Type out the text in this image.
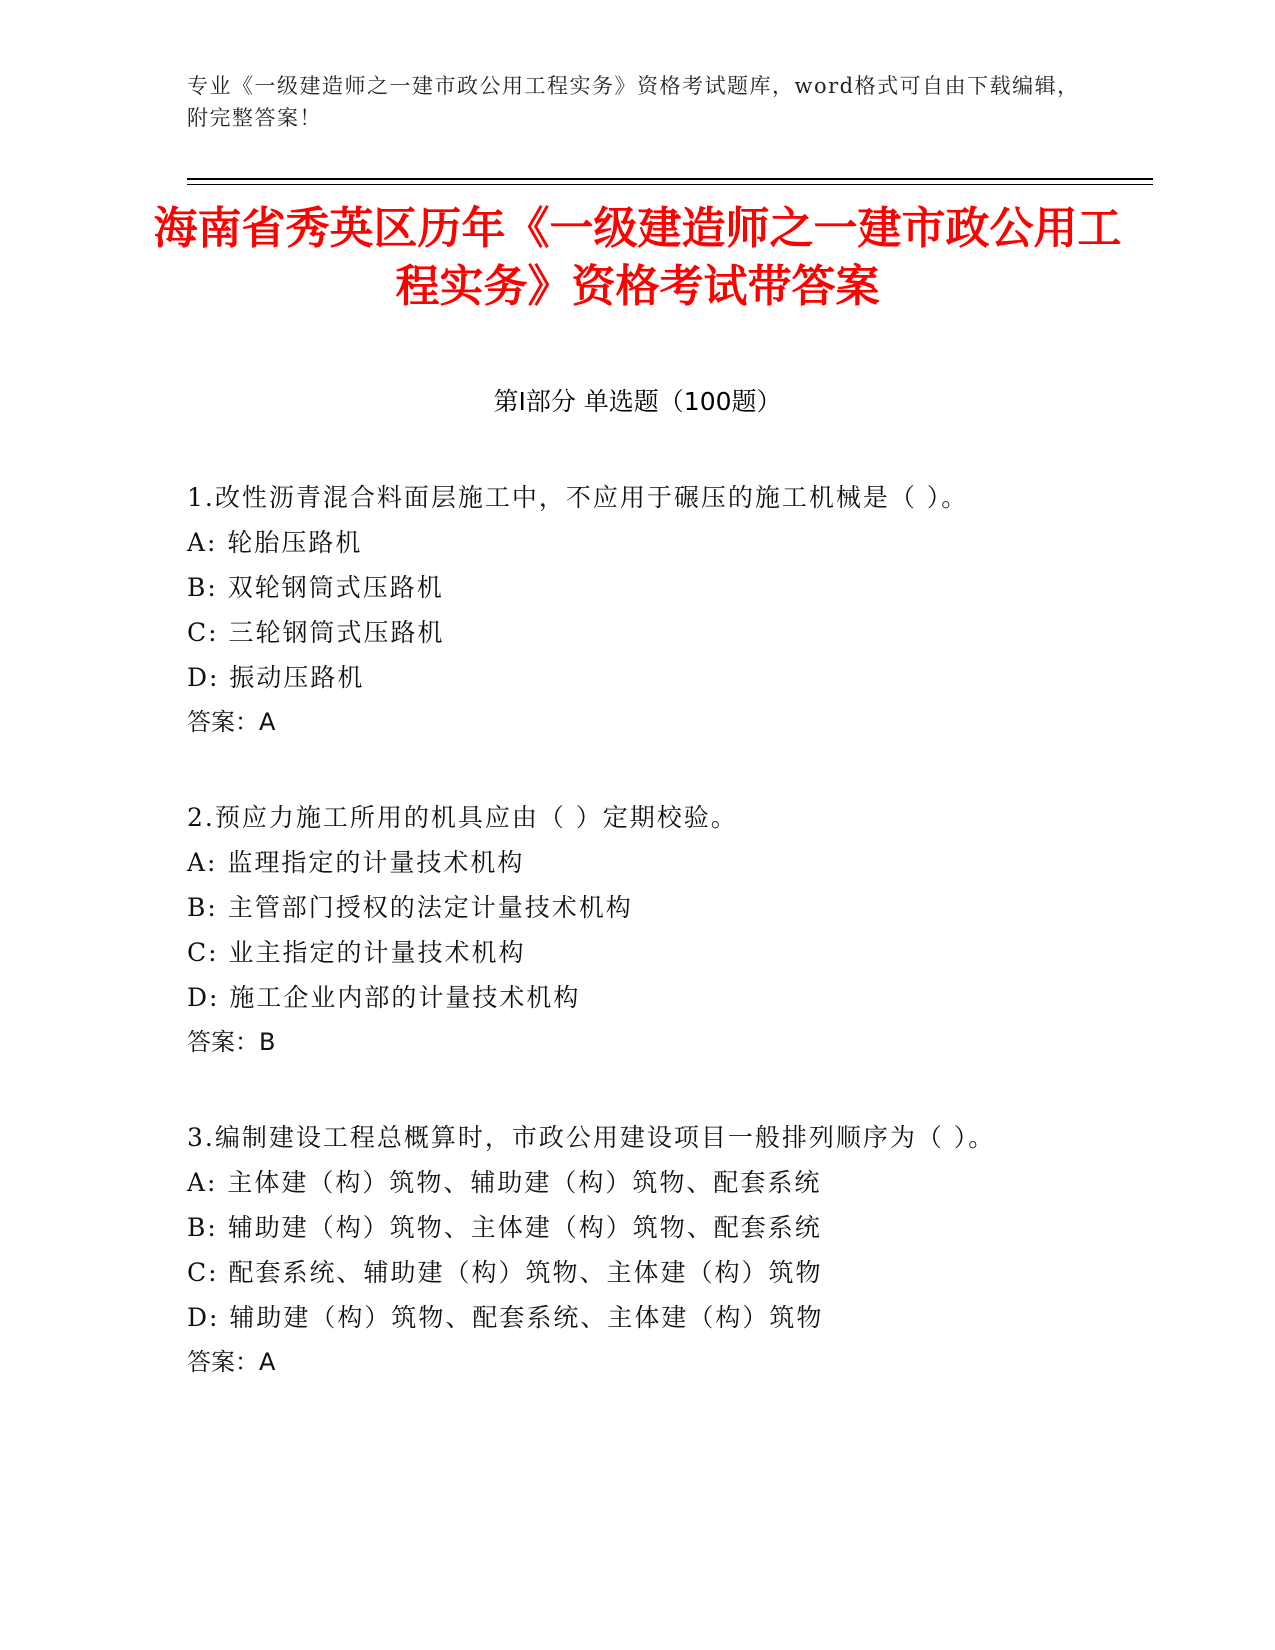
专业《一级建造师之一建市政公用工程实务》资格考试题库，word格式可自由下载编辑，附完整答案！
海南省秀英区历年《一级建造师之一建市政公用工程实务》资格考试带答案
第Ⅰ部分 单选题（100题）

1.改性沥青混合料面层施工中，不应用于碾压的施工机械是（ ）。

A: 轮胎压路机

B: 双轮钢筒式压路机

C: 三轮钢筒式压路机

D: 振动压路机

答案：A

2.预应力施工所用的机具应由（ ）定期校验。

A: 监理指定的计量技术机构

B: 主管部门授权的法定计量技术机构

C: 业主指定的计量技术机构

D: 施工企业内部的计量技术机构

答案：B

3.编制建设工程总概算时，市政公用建设项目一般排列顺序为（ ）。

A: 主体建（构）筑物、辅助建（构）筑物、配套系统

B: 辅助建（构）筑物、主体建（构）筑物、配套系统

C: 配套系统、辅助建（构）筑物、主体建（构）筑物

D: 辅助建（构）筑物、配套系统、主体建（构）筑物

答案：A
